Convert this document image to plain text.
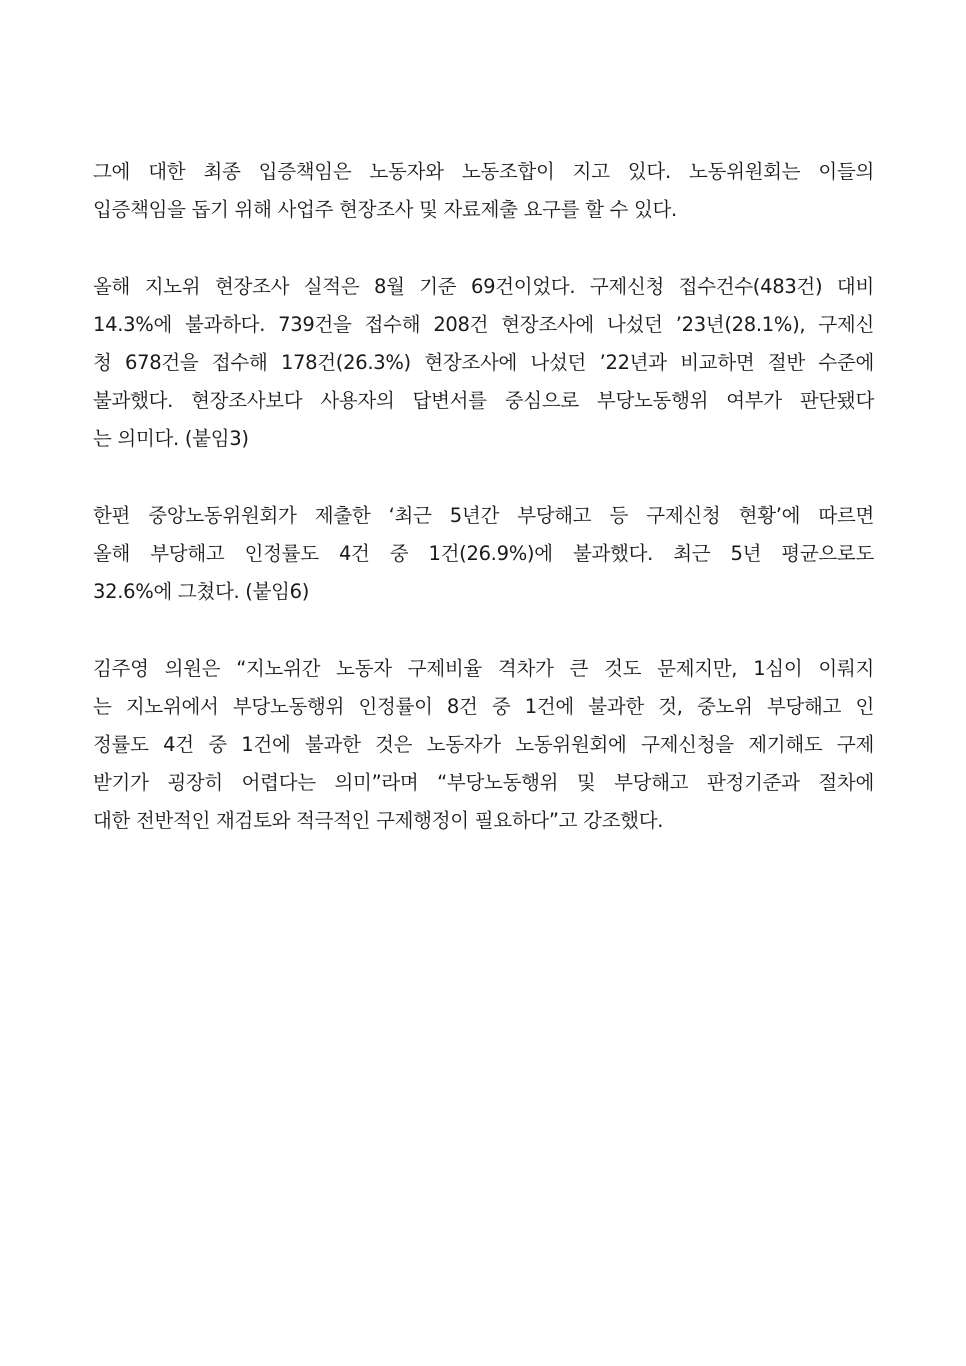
그에 대한 최종 입증책임은 노동자와 노동조합이 지고 있다. 노동위원회는 이들의
입증책임을 돕기 위해 사업주 현장조사 및 자료제출 요구를 할 수 있다.

올해 지노위 현장조사 실적은 8월 기준 69건이었다. 구제신청 접수건수(483건) 대비
14.3%에 불과하다. 739건을 접수해 208건 현장조사에 나섰던 ’23년(28.1%), 구제신
청 678건을 접수해 178건(26.3%) 현장조사에 나섰던 ’22년과 비교하면 절반 수준에
불과했다. 현장조사보다 사용자의 답변서를 중심으로 부당노동행위 여부가 판단됐다
는 의미다. (붙임3)

한편 중앙노동위원회가 제출한 ‘최근 5년간 부당해고 등 구제신청 현황’에 따르면
올해 부당해고 인정률도 4건 중 1건(26.9%)에 불과했다. 최근 5년 평균으로도
32.6%에 그쳤다. (붙임6)

김주영 의원은 “지노위간 노동자 구제비율 격차가 큰 것도 문제지만, 1심이 이뤄지
는 지노위에서 부당노동행위 인정률이 8건 중 1건에 불과한 것, 중노위 부당해고 인
정률도 4건 중 1건에 불과한 것은 노동자가 노동위원회에 구제신청을 제기해도 구제
받기가 굉장히 어렵다는 의미”라며 “부당노동행위 및 부당해고 판정기준과 절차에
대한 전반적인 재검토와 적극적인 구제행정이 필요하다”고 강조했다.
